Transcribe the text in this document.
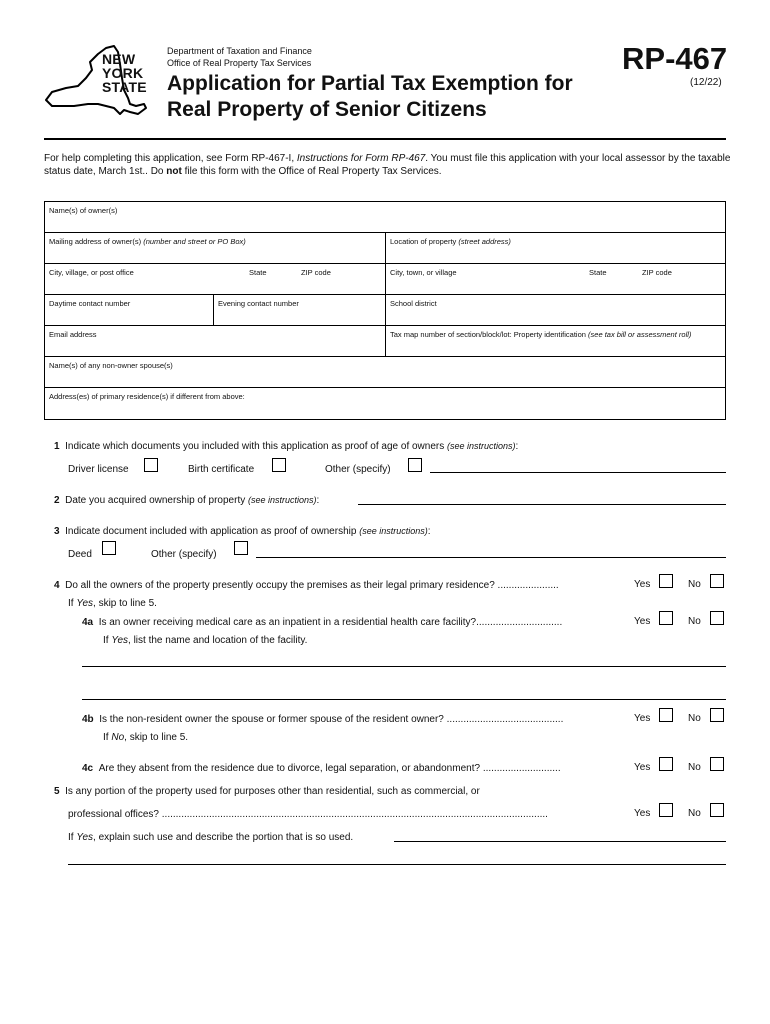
NEW
YORK
STATE
Department of Taxation and Finance
Office of Real Property Tax Services
Application for Partial Tax Exemption for
Real Property of Senior Citizens
RP-467
(12/22)
For help completing this application, see Form RP-467-I, Instructions for Form RP-467. You must file this application with your local assessor by the taxable status date, March 1st.. Do not file this form with the Office of Real Property Tax Services.
Name(s) of owner(s)
Mailing address of owner(s) (number and street or PO Box)	Location of property (street address)
City, village, or post office	State	ZIP code	City, town, or village	State	ZIP code
Daytime contact number	Evening contact number	School district
Email address	Tax map number of section/block/lot: Property identification (see tax bill or assessment roll)
Name(s) of any non-owner spouse(s)
Address(es) of primary residence(s) if different from above:
1 Indicate which documents you included with this application as proof of age of owners (see instructions):
Driver license	Birth certificate	Other (specify)
2 Date you acquired ownership of property (see instructions):
3 Indicate document included with application as proof of ownership (see instructions):
Deed	Other (specify)
4 Do all the owners of the property presently occupy the premises as their legal primary residence? ......................	Yes	No
If Yes, skip to line 5.
4a Is an owner receiving medical care as an inpatient in a residential health care facility?...............................	Yes	No
If Yes, list the name and location of the facility.
4b Is the non-resident owner the spouse or former spouse of the resident owner? ..........................................	Yes	No
If No, skip to line 5.
4c Are they absent from the residence due to divorce, legal separation, or abandonment? ............................	Yes	No
5 Is any portion of the property used for purposes other than residential, such as commercial, or
professional offices? ...........................................................................................................................................	Yes	No
If Yes, explain such use and describe the portion that is so used.
